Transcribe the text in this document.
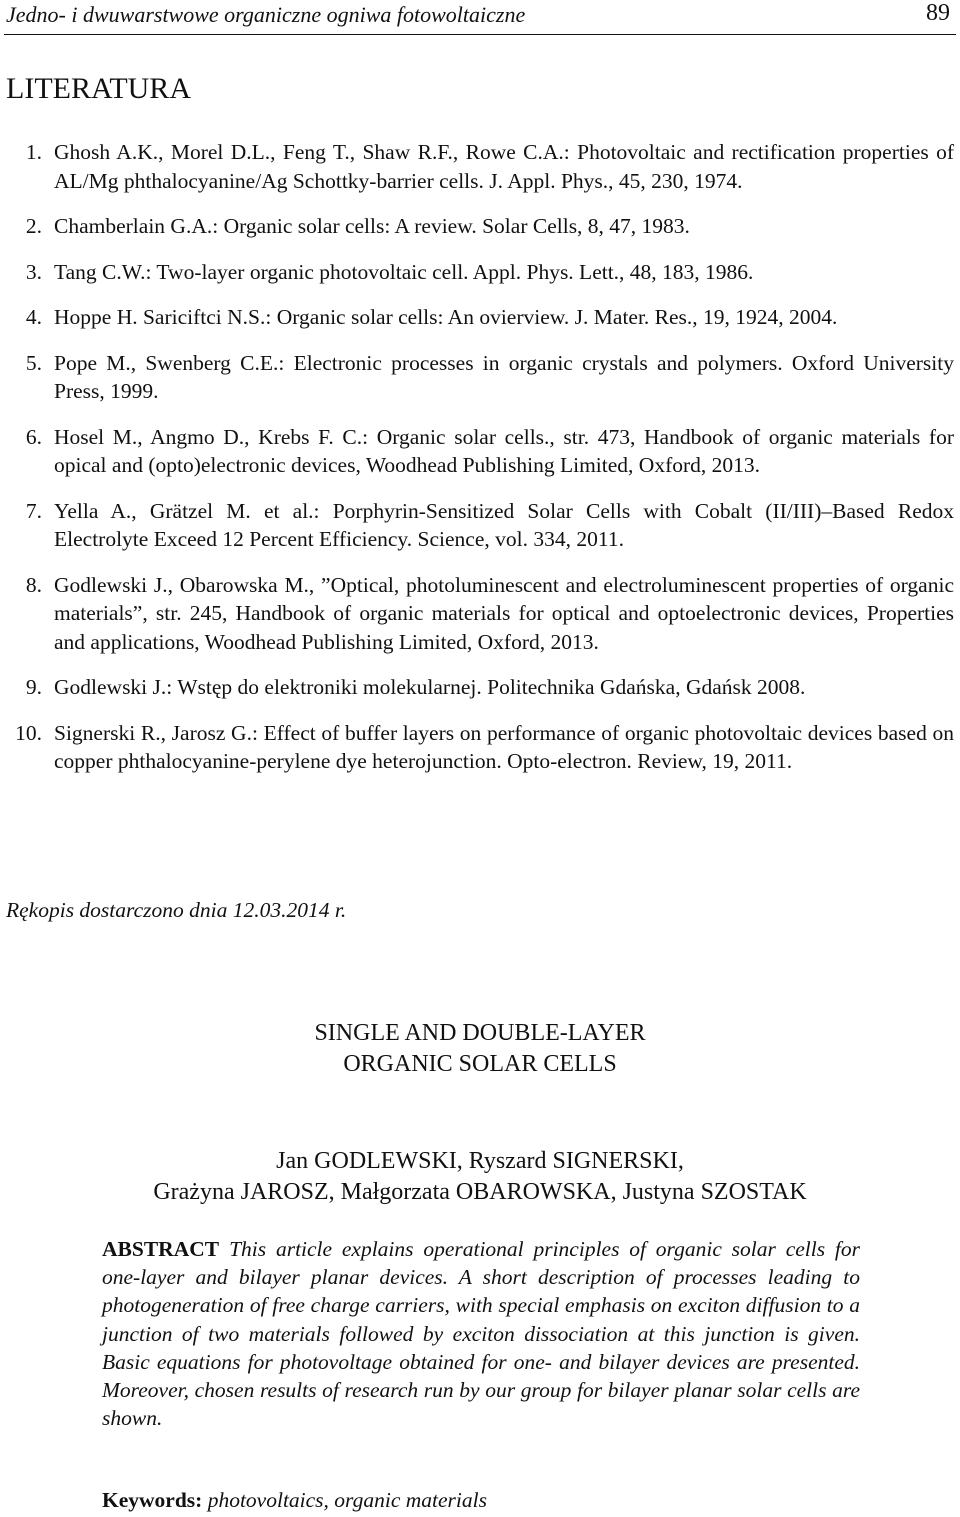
Jedno- i dwuwarstwowe organiczne ogniwa fotowoltaiczne	89
LITERATURA
1. Ghosh A.K., Morel D.L., Feng T., Shaw R.F., Rowe C.A.: Photovoltaic and rectification properties of AL/Mg phthalocyanine/Ag Schottky-barrier cells. J. Appl. Phys., 45, 230, 1974.
2. Chamberlain G.A.: Organic solar cells: A review. Solar Cells, 8, 47, 1983.
3. Tang C.W.: Two-layer organic photovoltaic cell. Appl. Phys. Lett., 48, 183, 1986.
4. Hoppe H. Sariciftci N.S.: Organic solar cells: An ovierview. J. Mater. Res., 19, 1924, 2004.
5. Pope M., Swenberg C.E.: Electronic processes in organic crystals and polymers. Oxford University Press, 1999.
6. Hosel M., Angmo D., Krebs F. C.: Organic solar cells., str. 473, Handbook of organic materials for opical and (opto)electronic devices, Woodhead Publishing Limited, Oxford, 2013.
7. Yella A., Grätzel M. et al.: Porphyrin-Sensitized Solar Cells with Cobalt (II/III)–Based Redox Electrolyte Exceed 12 Percent Efficiency. Science, vol. 334, 2011.
8. Godlewski J., Obarowska M., ”Optical, photoluminescent and electroluminescent properties of organic materials”, str. 245, Handbook of organic materials for optical and optoelectronic devices, Properties and applications, Woodhead Publishing Limited, Oxford, 2013.
9. Godlewski J.: Wstęp do elektroniki molekularnej. Politechnika Gdańska, Gdańsk 2008.
10. Signerski R., Jarosz G.: Effect of buffer layers on performance of organic photovoltaic devices based on copper phthalocyanine-perylene dye heterojunction. Opto-electron. Review, 19, 2011.
Rękopis dostarczono dnia 12.03.2014 r.
SINGLE AND DOUBLE-LAYER
ORGANIC SOLAR CELLS
Jan GODLEWSKI, Ryszard SIGNERSKI,
Grażyna JAROSZ, Małgorzata OBAROWSKA, Justyna SZOSTAK
ABSTRACT This article explains operational principles of organic solar cells for one-layer and bilayer planar devices. A short description of processes leading to photogeneration of free charge carriers, with special emphasis on exciton diffusion to a junction of two materials followed by exciton dissociation at this junction is given. Basic equations for photovoltage obtained for one- and bilayer devices are presented. Moreover, chosen results of research run by our group for bilayer planar solar cells are shown.
Keywords: photovoltaics, organic materials
